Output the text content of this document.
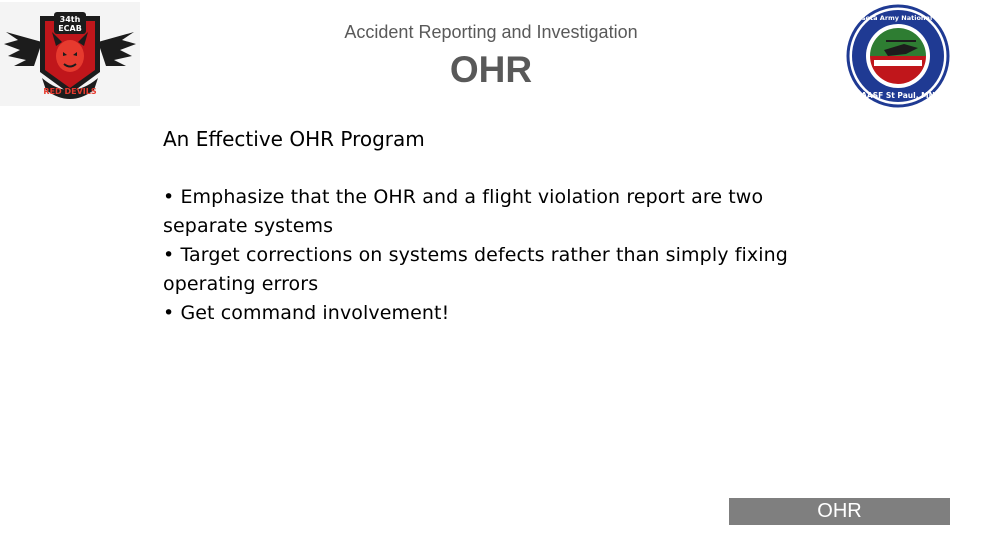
34th
ECAB
RED DEVILS
Accident Reporting and Investigation
OHR
Minnesota Army National Guard
AASF St Paul, MN
An Effective OHR Program
• Emphasize that the OHR and a flight violation report are two separate systems
• Target corrections on systems defects rather than simply fixing operating errors
• Get command involvement!
OHR
